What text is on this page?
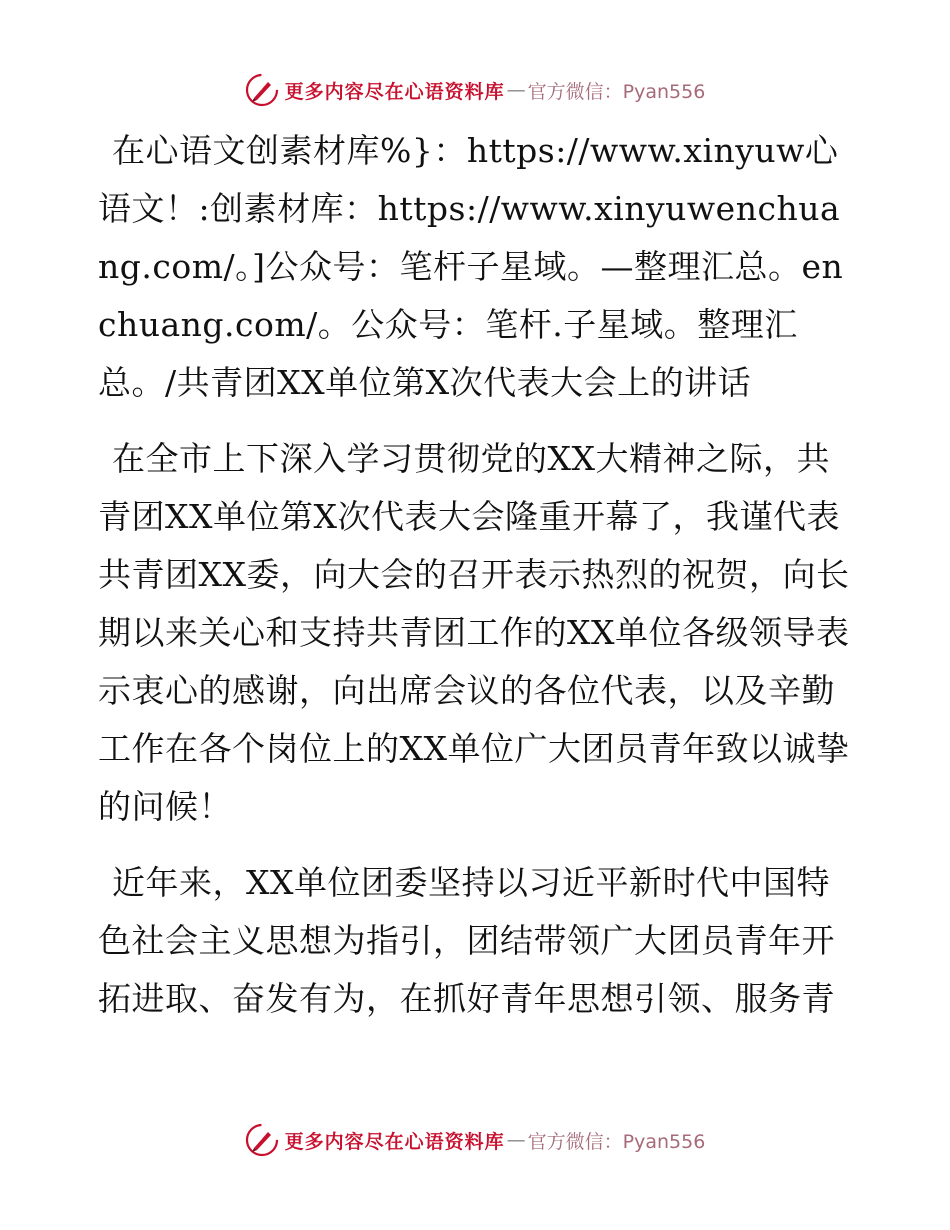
更多内容尽在心语资料库 — 官方微信：Pyan556

在心语文创素材库%}：https://www.xinyuw心语文！:创素材库：https://www.xinyuwenchuang.com/。]公众号：笔杆子星域。—整理汇总。enchuang.com/。公众号：笔杆.子星域。整理汇总。/共青团XX单位第X次代表大会上的讲话

在全市上下深入学习贯彻党的XX大精神之际，共青团XX单位第X次代表大会隆重开幕了，我谨代表共青团XX委，向大会的召开表示热烈的祝贺，向长期以来关心和支持共青团工作的XX单位各级领导表示衷心的感谢，向出席会议的各位代表，以及辛勤工作在各个岗位上的XX单位广大团员青年致以诚挚的问候！

近年来，XX单位团委坚持以习近平新时代中国特色社会主义思想为指引，团结带领广大团员青年开拓进取、奋发有为，在抓好青年思想引领、服务青

更多内容尽在心语资料库 — 官方微信：Pyan556
